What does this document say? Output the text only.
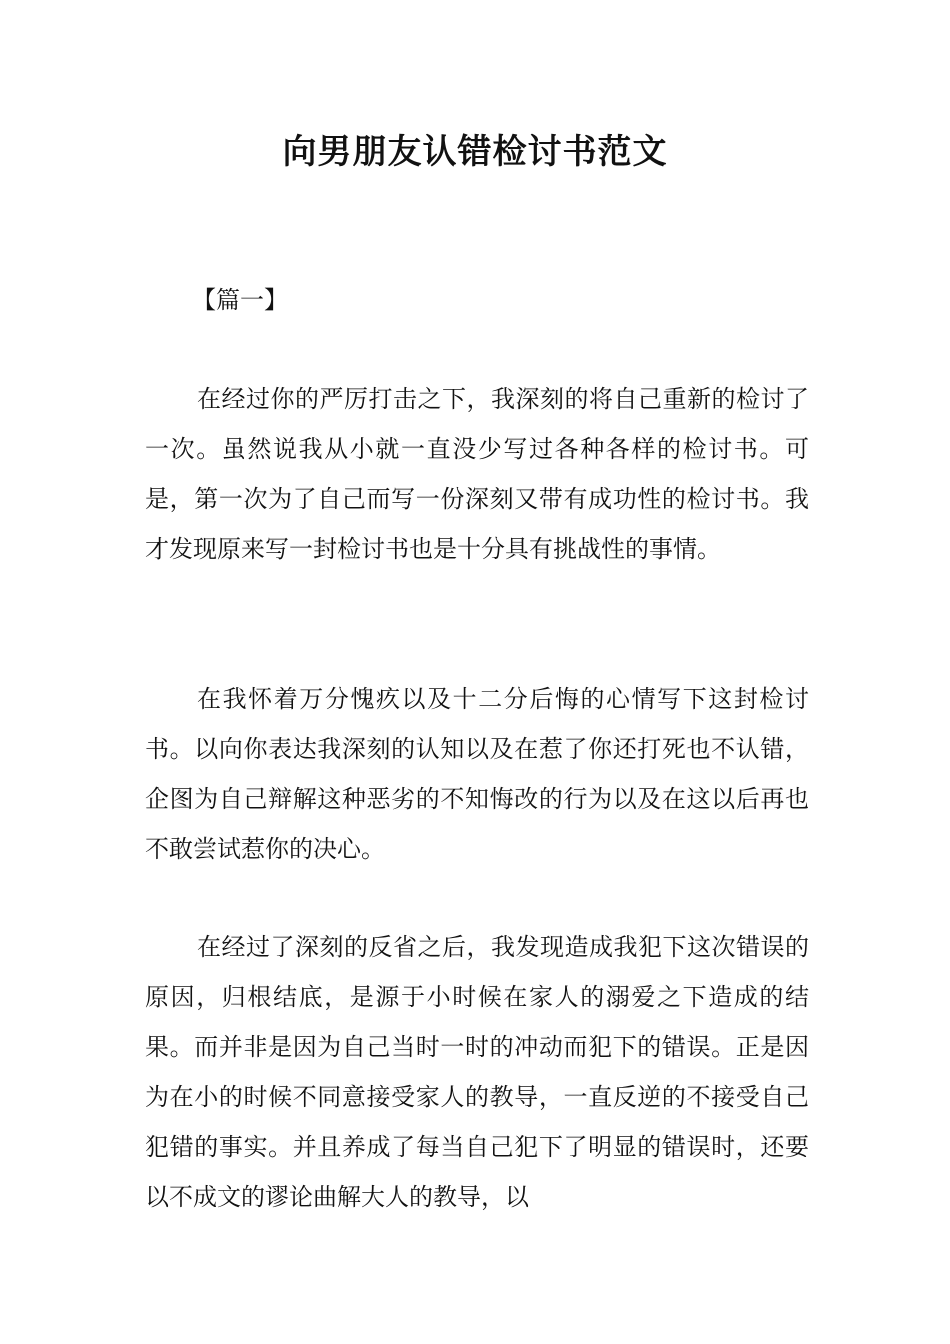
向男朋友认错检讨书范文
【篇一】

在经过你的严厉打击之下，我深刻的将自己重新的检讨了一次。虽然说我从小就一直没少写过各种各样的检讨书。可是，第一次为了自己而写一份深刻又带有成功性的检讨书。我才发现原来写一封检讨书也是十分具有挑战性的事情。

在我怀着万分愧疚以及十二分后悔的心情写下这封检讨书。以向你表达我深刻的认知以及在惹了你还打死也不认错，企图为自己辩解这种恶劣的不知悔改的行为以及在这以后再也不敢尝试惹你的决心。

在经过了深刻的反省之后，我发现造成我犯下这次错误的原因，归根结底，是源于小时候在家人的溺爱之下造成的结果。而并非是因为自己当时一时的冲动而犯下的错误。正是因为在小的时候不同意接受家人的教导，一直反逆的不接受自己犯错的事实。并且养成了每当自己犯下了明显的错误时，还要以不成文的谬论曲解大人的教导，以
